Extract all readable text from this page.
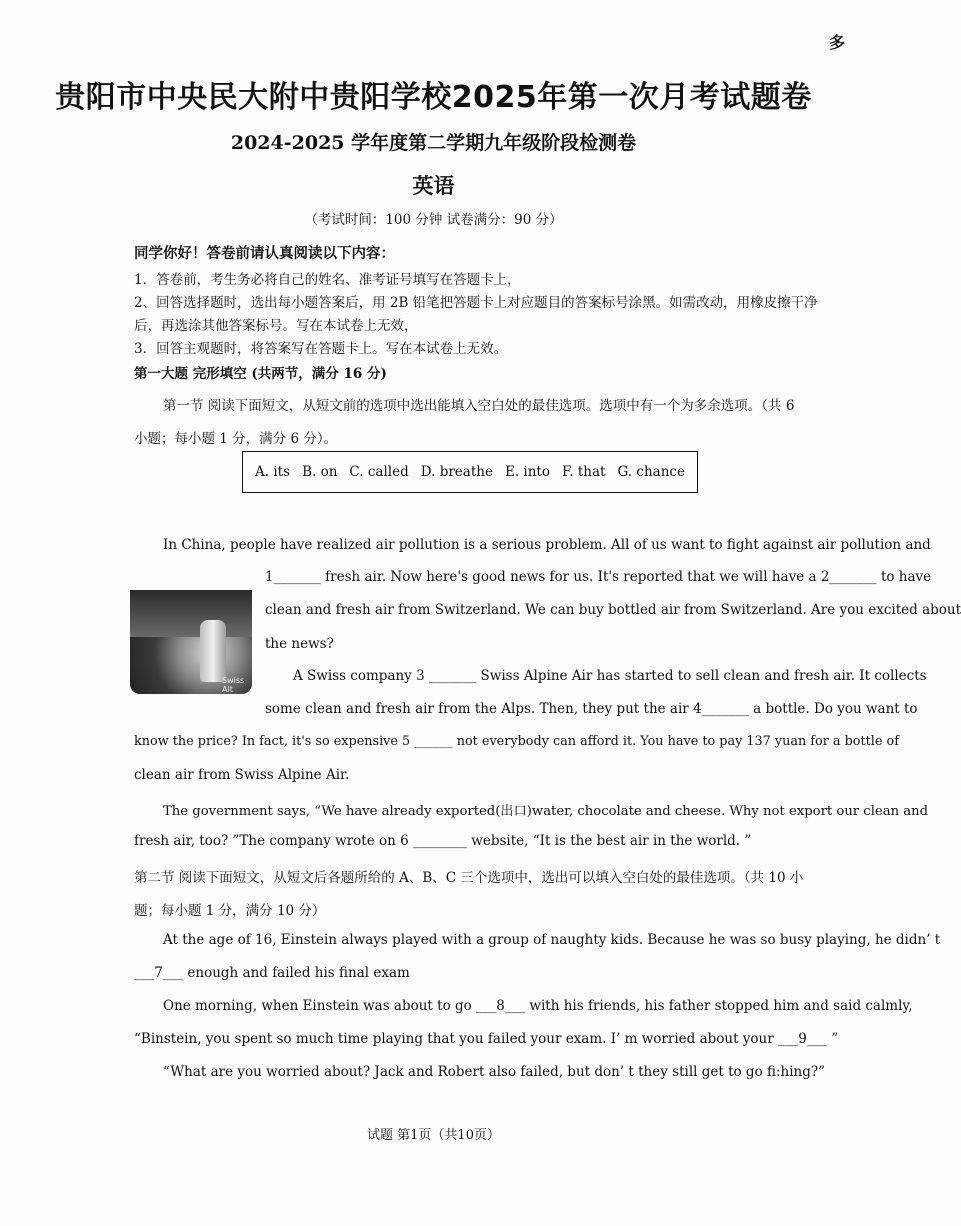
多
贵阳市中央民大附中贵阳学校2025年第一次月考试题卷
2024-2025 学年度第二学期九年级阶段检测卷
英语
（考试时间：100 分钟 试卷满分：90 分）
同学你好！答卷前请认真阅读以下内容：
1．答卷前，考生务必将自己的姓名、准考证号填写在答题卡上，
2、回答选择题时，选出每小题答案后，用 2B 铅笔把答题卡上对应题目的答案标号涂黑。如需改动，用橡皮擦干净
后，再选涂其他答案标号。写在本试卷上无效，
3．回答主观题时，将答案写在答题卡上。写在本试卷上无效。
第一大题 完形填空 (共两节，满分 16 分)
第一节 阅读下面短文，从短文前的选项中选出能填入空白处的最佳选项。选项中有一个为多余选项。（共 6
小题；每小题 1 分，满分 6 分）。
A. its B. on C. called D. breathe E. into F. that G. chance
Swiss Alt
In China, people have realized air pollution is a serious problem. All of us want to fight against air pollution and
1_______ fresh air. Now here's good news for us. It's reported that we will have a 2_______ to have
clean and fresh air from Switzerland. We can buy bottled air from Switzerland. Are you excited about
the news?
A Swiss company 3 _______ Swiss Alpine Air has started to sell clean and fresh air. It collects
some clean and fresh air from the Alps. Then, they put the air 4_______ a bottle. Do you want to
know the price? In fact, it's so expensive 5 ______ not everybody can afford it. You have to pay 137 yuan for a bottle of
clean air from Swiss Alpine Air.
The government says, “We have already exported(出口)water, chocolate and cheese. Why not export our clean and
fresh air, too? ”The company wrote on 6 ________ website, “It is the best air in the world. ”
第二节 阅读下面短文，从短文后各题所给的 A、B、C 三个选项中，选出可以填入空白处的最佳选项。（共 10 小
题；每小题 1 分，满分 10 分）
At the age of 16, Einstein always played with a group of naughty kids. Because he was so busy playing, he didn’ t
___7___ enough and failed his final exam
One morning, when Einstein was about to go ___8___ with his friends, his father stopped him and said calmly,
“Binstein, you spent so much time playing that you failed your exam. I’ m worried about your ___9___ ”
“What are you worried about? Jack and Robert also failed, but don’ t they still get to go fi:hing?”
试题 第1页（共10页）
